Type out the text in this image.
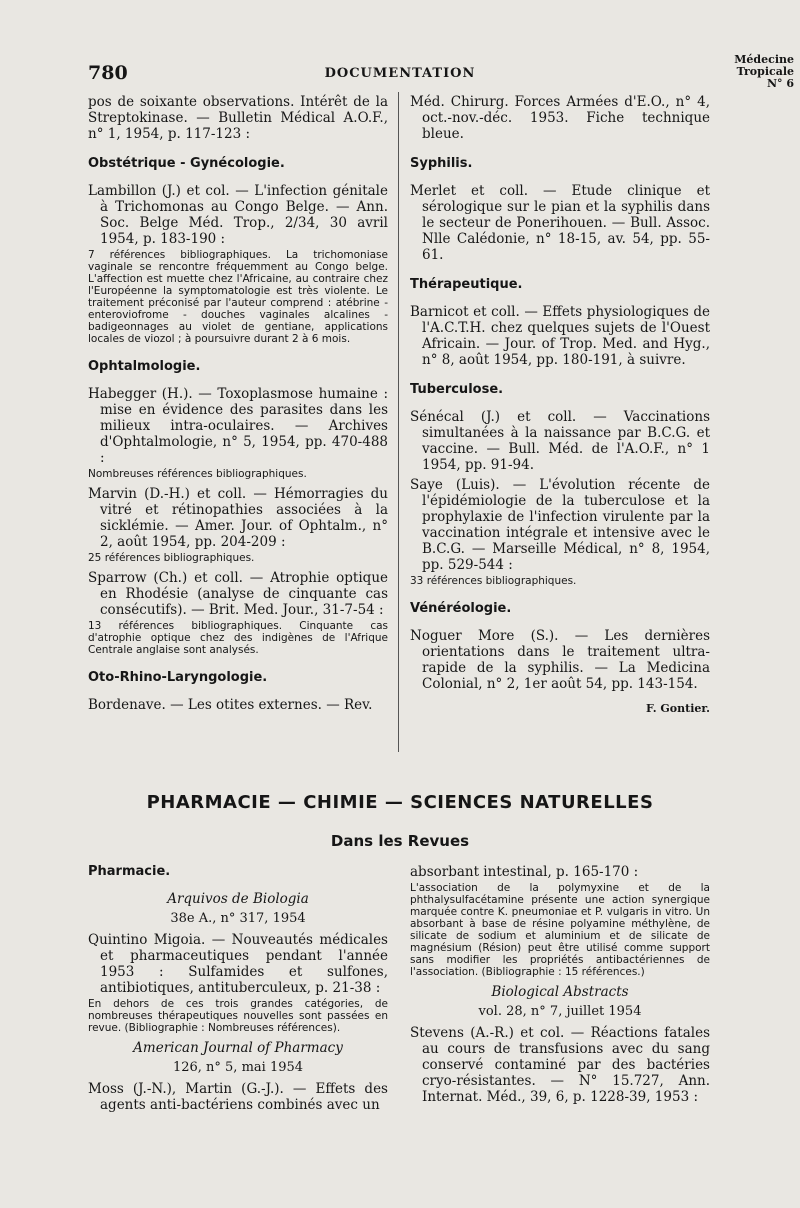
780	DOCUMENTATION
Médecine
Tropicale
N° 6

pos de soixante observations. Intérêt de la Streptokinase. — Bulletin Médical A.O.F., n° 1, 1954, p. 117-123 :

Obstétrique - Gynécologie.

Lambillon (J.) et col. — L'infection génitale à Trichomonas au Congo Belge. — Ann. Soc. Belge Méd. Trop., 2/34, 30 avril 1954, p. 183-190 :

7 références bibliographiques. La trichomoniase vaginale se rencontre fréquemment au Congo belge. L'affection est muette chez l'Africaine, au contraire chez l'Européenne la symptomatologie est très violente. Le traitement préconisé par l'auteur comprend : atébrine - enteroviofrome - douches vaginales alcalines - badigeonnages au violet de gentiane, applications locales de viozol ; à poursuivre durant 2 à 6 mois.

Ophtalmologie.

Habegger (H.). — Toxoplasmose humaine : mise en évidence des parasites dans les milieux intra-oculaires. — Archives d'Ophtalmologie, n° 5, 1954, pp. 470-488 :

Nombreuses références bibliographiques.

Marvin (D.-H.) et coll. — Hémorragies du vitré et rétinopathies associées à la sicklémie. — Amer. Jour. of Ophtalm., n° 2, août 1954, pp. 204-209 :

25 références bibliographiques.

Sparrow (Ch.) et coll. — Atrophie optique en Rhodésie (analyse de cinquante cas consécutifs). — Brit. Med. Jour., 31-7-54 :

13 références bibliographiques. Cinquante cas d'atrophie optique chez des indigènes de l'Afrique Centrale anglaise sont analysés.

Oto-Rhino-Laryngologie.

Bordenave. — Les otites externes. — Rev.

Méd. Chirurg. Forces Armées d'E.O., n° 4, oct.-nov.-déc. 1953. Fiche technique bleue.

Syphilis.

Merlet et coll. — Etude clinique et sérologique sur le pian et la syphilis dans le secteur de Ponerihouen. — Bull. Assoc. Nlle Calédonie, n° 18-15, av. 54, pp. 55-61.

Thérapeutique.

Barnicot et coll. — Effets physiologiques de l'A.C.T.H. chez quelques sujets de l'Ouest Africain. — Jour. of Trop. Med. and Hyg., n° 8, août 1954, pp. 180-191, à suivre.

Tuberculose.

Sénécal (J.) et coll. — Vaccinations simultanées à la naissance par B.C.G. et vaccine. — Bull. Méd. de l'A.O.F., n° 1 1954, pp. 91-94.

Saye (Luis). — L'évolution récente de l'épidémiologie de la tuberculose et la prophylaxie de l'infection virulente par la vaccination intégrale et intensive avec le B.C.G. — Marseille Médical, n° 8, 1954, pp. 529-544 :

33 références bibliographiques.

Vénéréologie.

Noguer More (S.). — Les dernières orientations dans le traitement ultra-rapide de la syphilis. — La Medicina Colonial, n° 2, 1er août 54, pp. 143-154.

F. Gontier.
PHARMACIE — CHIMIE — SCIENCES NATURELLES
Dans les Revues
Pharmacie.
Arquivos de Biologia
38e A., n° 317, 1954

Quintino Migoia. — Nouveautés médicales et pharmaceutiques pendant l'année 1953 : Sulfamides et sulfones, antibiotiques, antituberculeux, p. 21-38 :

En dehors de ces trois grandes catégories, de nombreuses thérapeutiques nouvelles sont passées en revue. (Bibliographie : Nombreuses références).

American Journal of Pharmacy
126, n° 5, mai 1954

Moss (J.-N.), Martin (G.-J.). — Effets des agents anti-bactériens combinés avec un

absorbant intestinal, p. 165-170 :

L'association de la polymyxine et de la phthalysulfacétamine présente une action synergique marquée contre K. pneumoniae et P. vulgaris in vitro. Un absorbant à base de résine polyamine méthylène, de silicate de sodium et aluminium et de silicate de magnésium (Résion) peut être utilisé comme support sans modifier les propriétés antibactériennes de l'association. (Bibliographie : 15 références.)

Biological Abstracts
vol. 28, n° 7, juillet 1954

Stevens (A.-R.) et col. — Réactions fatales au cours de transfusions avec du sang conservé contaminé par des bactéries cryo-résistantes. — N° 15.727, Ann. Internat. Méd., 39, 6, p. 1228-39, 1953 :
